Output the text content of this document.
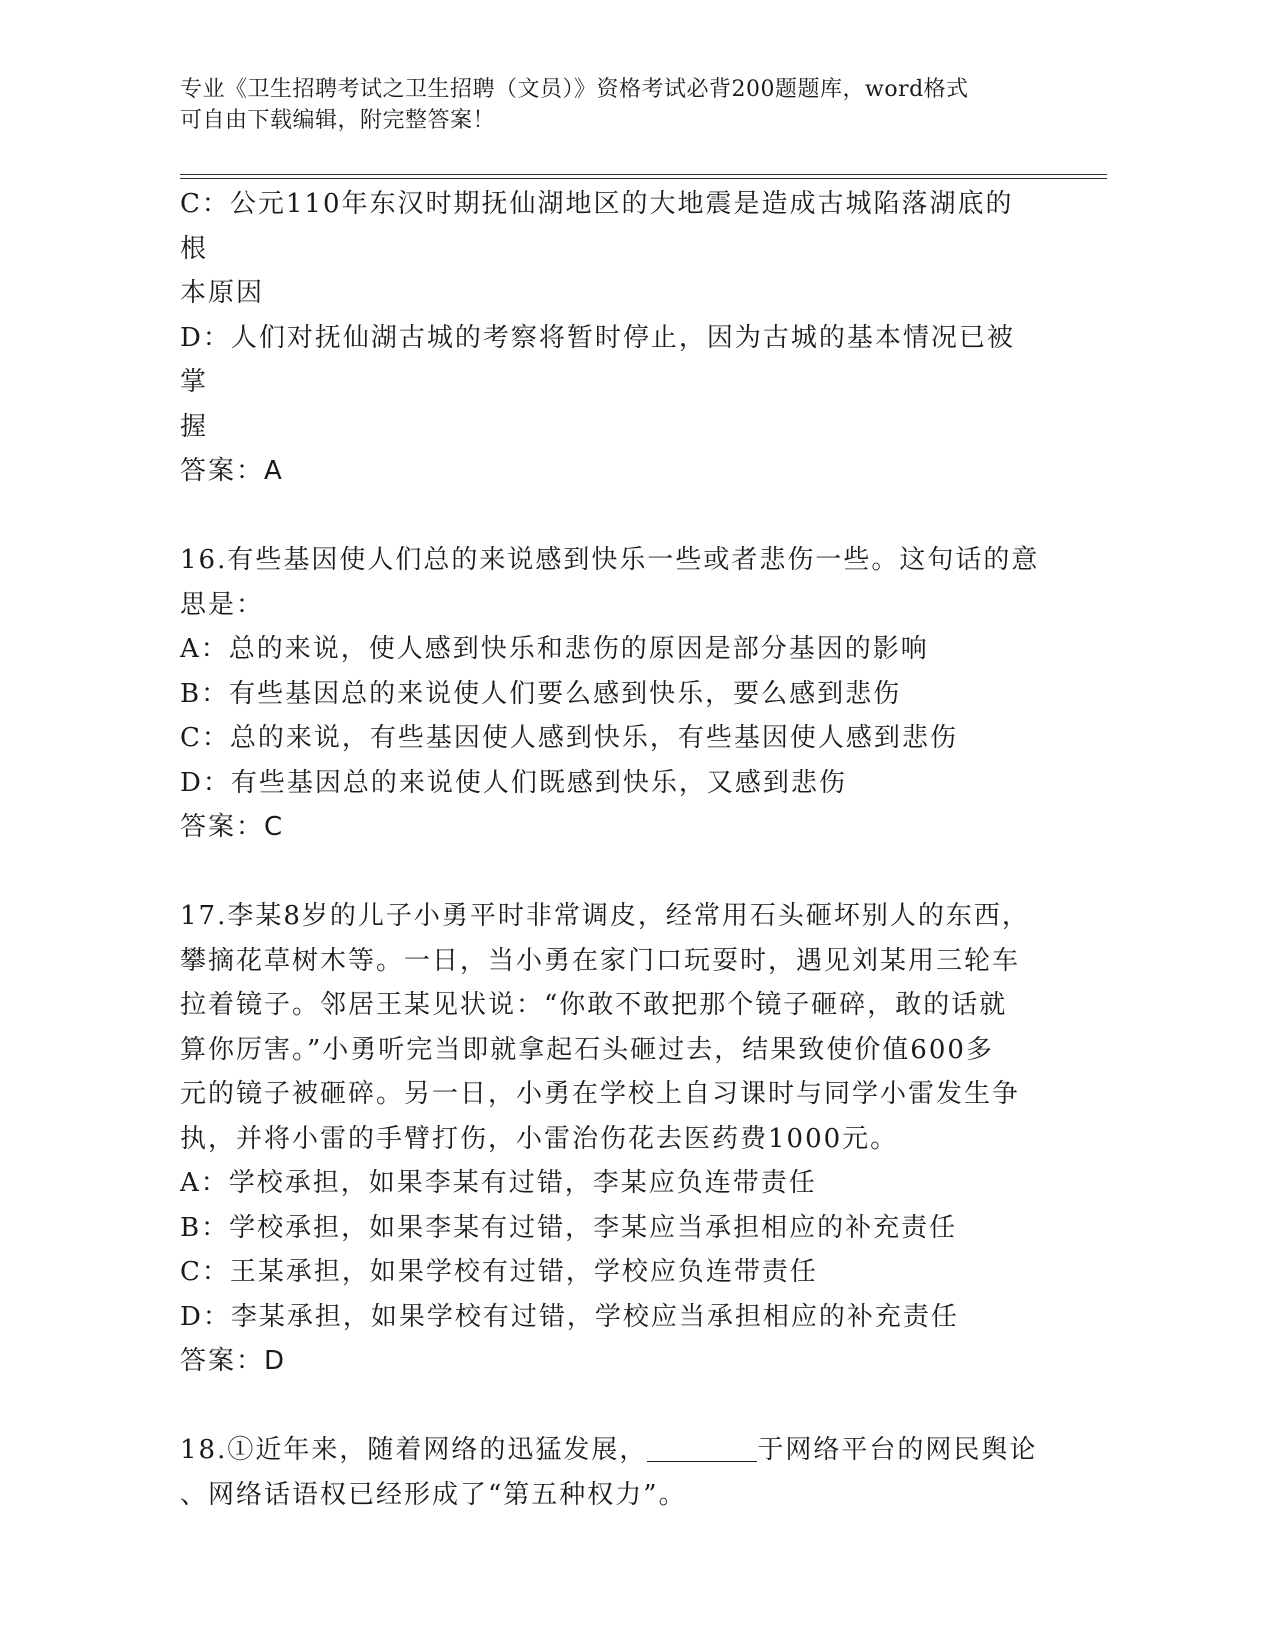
专业《卫生招聘考试之卫生招聘（文员）》资格考试必背200题题库，word格式
可自由下载编辑，附完整答案！
C：公元110年东汉时期抚仙湖地区的大地震是造成古城陷落湖底的根
本原因
D：人们对抚仙湖古城的考察将暂时停止，因为古城的基本情况已被掌
握
答案：A
16.有些基因使人们总的来说感到快乐一些或者悲伤一些。这句话的意
思是：
A：总的来说，使人感到快乐和悲伤的原因是部分基因的影响
B：有些基因总的来说使人们要么感到快乐，要么感到悲伤
C：总的来说，有些基因使人感到快乐，有些基因使人感到悲伤
D：有些基因总的来说使人们既感到快乐，又感到悲伤
答案：C
17.李某8岁的儿子小勇平时非常调皮，经常用石头砸坏别人的东西，
攀摘花草树木等。一日，当小勇在家门口玩耍时，遇见刘某用三轮车
拉着镜子。邻居王某见状说：“你敢不敢把那个镜子砸碎，敢的话就
算你厉害。”小勇听完当即就拿起石头砸过去，结果致使价值600多
元的镜子被砸碎。另一日，小勇在学校上自习课时与同学小雷发生争
执，并将小雷的手臂打伤，小雷治伤花去医药费1000元。
A：学校承担，如果李某有过错，李某应负连带责任
B：学校承担，如果李某有过错，李某应当承担相应的补充责任
C：王某承担，如果学校有过错，学校应负连带责任
D：李某承担，如果学校有过错，学校应当承担相应的补充责任
答案：D
18.①近年来，随着网络的迅猛发展，	于网络平台的网民舆论
、网络话语权已经形成了“第五种权力”。
